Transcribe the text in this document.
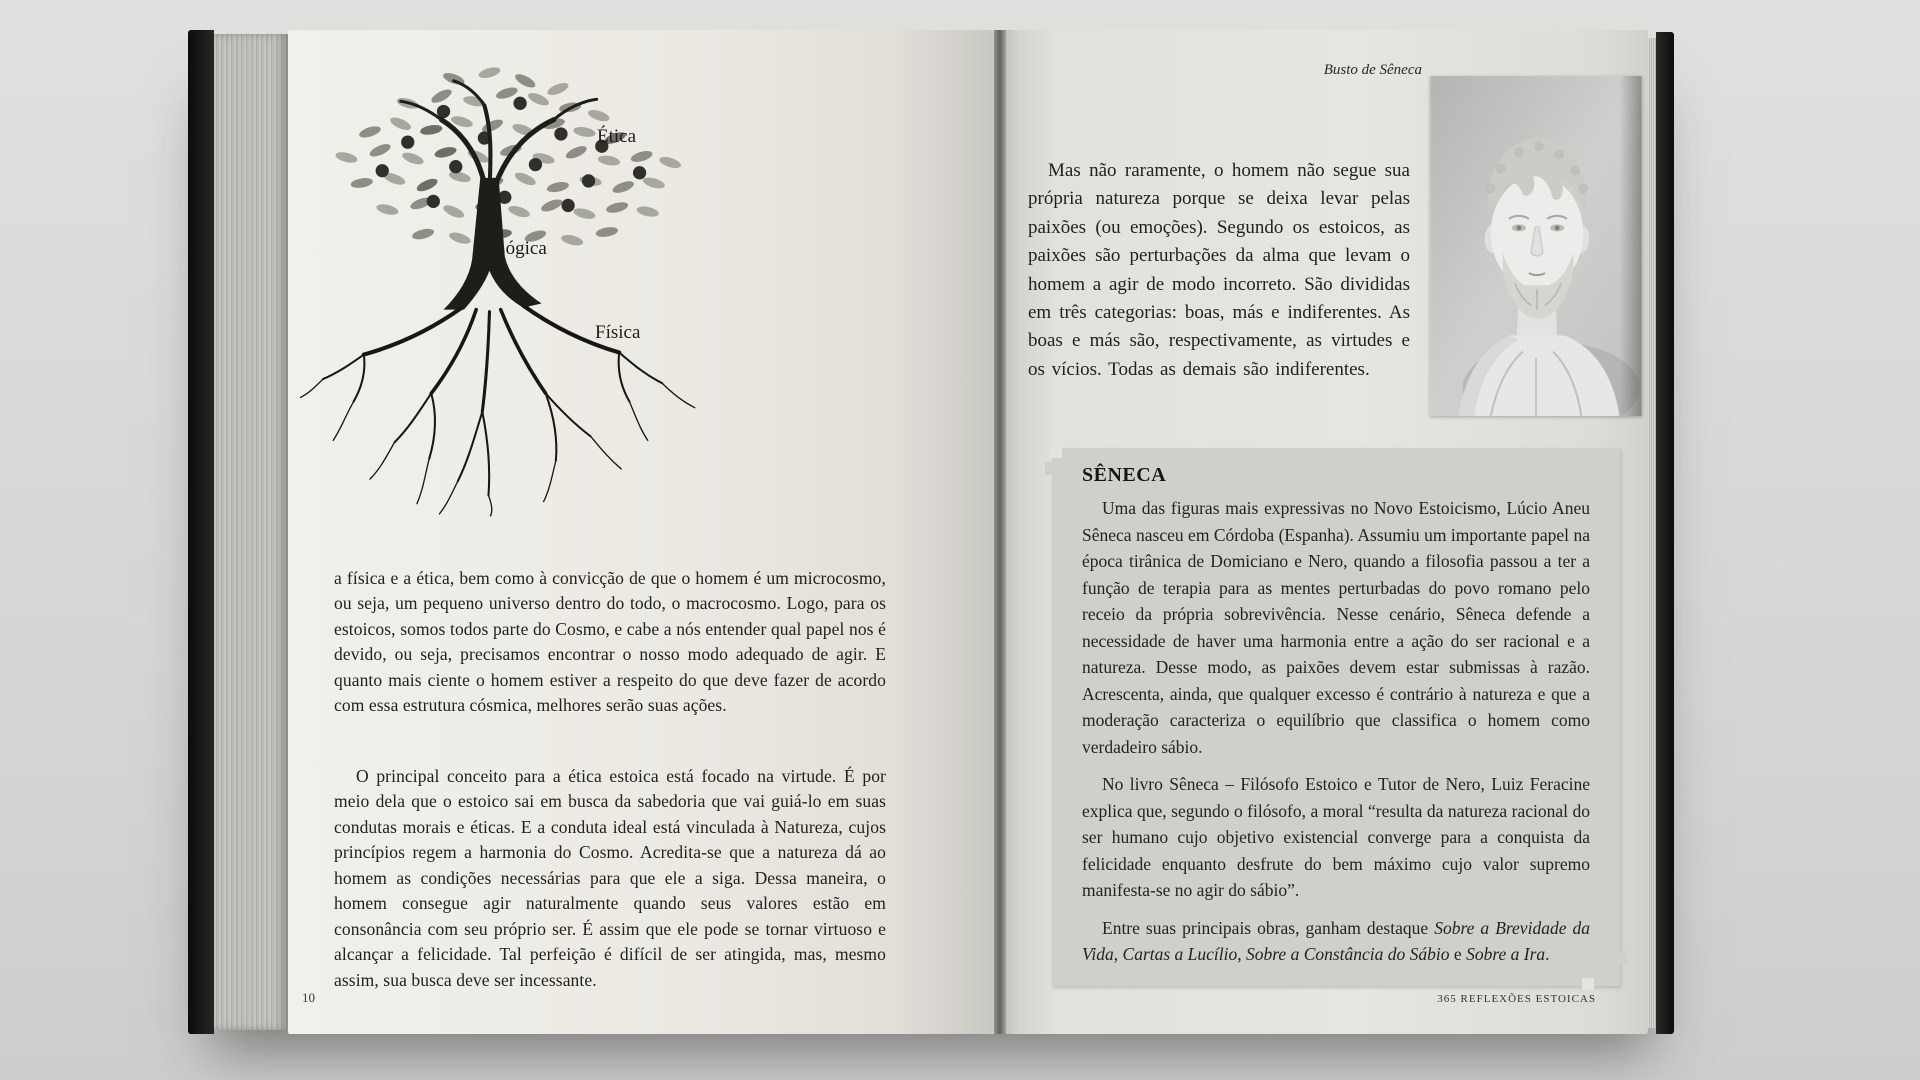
Ética
Lógica
Física

a física e a ética, bem como à convicção de que o homem é um microcosmo, ou seja, um pequeno universo dentro do todo, o macrocosmo. Logo, para os estoicos, somos todos parte do Cosmo, e cabe a nós entender qual papel nos é devido, ou seja, precisamos encontrar o nosso modo adequado de agir. E quanto mais ciente o homem estiver a respeito do que deve fazer de acordo com essa estrutura cósmica, melhores serão suas ações.

O principal conceito para a ética estoica está focado na virtude. É por meio dela que o estoico sai em busca da sabedoria que vai guiá-lo em suas condutas morais e éticas. E a conduta ideal está vinculada à Natureza, cujos princípios regem a harmonia do Cosmo. Acredita-se que a natureza dá ao homem as condições necessárias para que ele a siga. Dessa maneira, o homem consegue agir naturalmente quando seus valores estão em consonância com seu próprio ser. É assim que ele pode se tornar virtuoso e alcançar a felicidade. Tal perfeição é difícil de ser atingida, mas, mesmo assim, sua busca deve ser incessante.

10
Busto de Sêneca

Mas não raramente, o homem não segue sua própria natureza porque se deixa levar pelas paixões (ou emoções). Segundo os estoicos, as paixões são perturbações da alma que levam o homem a agir de modo incorreto. São divididas em três categorias: boas, más e indiferentes. As boas e más são, respectivamente, as virtudes e os vícios. Todas as demais são indiferentes.

SÊNECA

Uma das figuras mais expressivas no Novo Estoicismo, Lúcio Aneu Sêneca nasceu em Córdoba (Espanha). Assumiu um importante papel na época tirânica de Domiciano e Nero, quando a filosofia passou a ter a função de terapia para as mentes perturbadas do povo romano pelo receio da própria sobrevivência. Nesse cenário, Sêneca defende a necessidade de haver uma harmonia entre a ação do ser racional e a natureza. Desse modo, as paixões devem estar submissas à razão. Acrescenta, ainda, que qualquer excesso é contrário à natureza e que a moderação caracteriza o equilíbrio que classifica o homem como verdadeiro sábio.

No livro Sêneca – Filósofo Estoico e Tutor de Nero, Luiz Feracine explica que, segundo o filósofo, a moral “resulta da natureza racional do ser humano cujo objetivo existencial converge para a conquista da felicidade enquanto desfrute do bem máximo cujo valor supremo manifesta-se no agir do sábio”.

Entre suas principais obras, ganham destaque Sobre a Brevidade da Vida, Cartas a Lucílio, Sobre a Constância do Sábio e Sobre a Ira.

365 REFLEXÕES ESTOICAS
